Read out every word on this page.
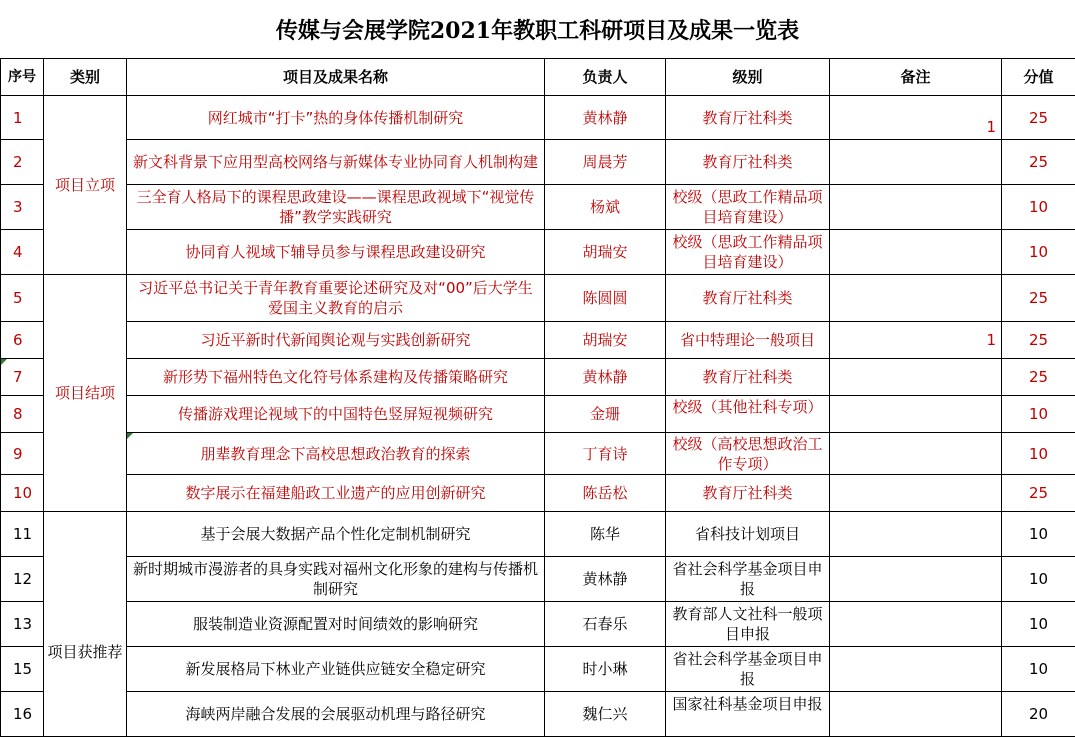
传媒与会展学院2021年教职工科研项目及成果一览表
序号	类别	项目及成果名称	负责人	级别	备注	分值
1	项目立项	网红城市“打卡”热的身体传播机制研究	黄林静	教育厅社科类	1	25
2		新文科背景下应用型高校网络与新媒体专业协同育人机制构建	周晨芳	教育厅社科类		25
3		三全育人格局下的课程思政建设——课程思政视域下“视觉传播”教学实践研究	杨斌	校级（思政工作精品项目培育建设）		10
4		协同育人视域下辅导员参与课程思政建设研究	胡瑞安	校级（思政工作精品项目培育建设）		10
5	项目结项	习近平总书记关于青年教育重要论述研究及对“00”后大学生爱国主义教育的启示	陈圆圆	教育厅社科类		25
6		习近平新时代新闻舆论观与实践创新研究	胡瑞安	省中特理论一般项目	1	25

7		新形势下福州特色文化符号体系建构及传播策略研究	黄林静	教育厅社科类		25
8		传播游戏理论视域下的中国特色竖屏短视频研究	金珊	校级（其他社科专项）		10
9		朋辈教育理念下高校思想政治教育的探索	丁育诗	校级（高校思想政治工作专项）		10
10		数字展示在福建船政工业遗产的应用创新研究	陈岳松	教育厅社科类		25
11	项目获推荐	基于会展大数据产品个性化定制机制研究	陈华	省科技计划项目		10
12		新时期城市漫游者的具身实践对福州文化形象的建构与传播机制研究	黄林静	省社会科学基金项目申报		10
13		服装制造业资源配置对时间绩效的影响研究	石春乐	教育部人文社科一般项目申报		10
15		新发展格局下林业产业链供应链安全稳定研究	时小琳	省社会科学基金项目申报		10
16		海峡两岸融合发展的会展驱动机理与路径研究	魏仁兴	国家社科基金项目申报		20
